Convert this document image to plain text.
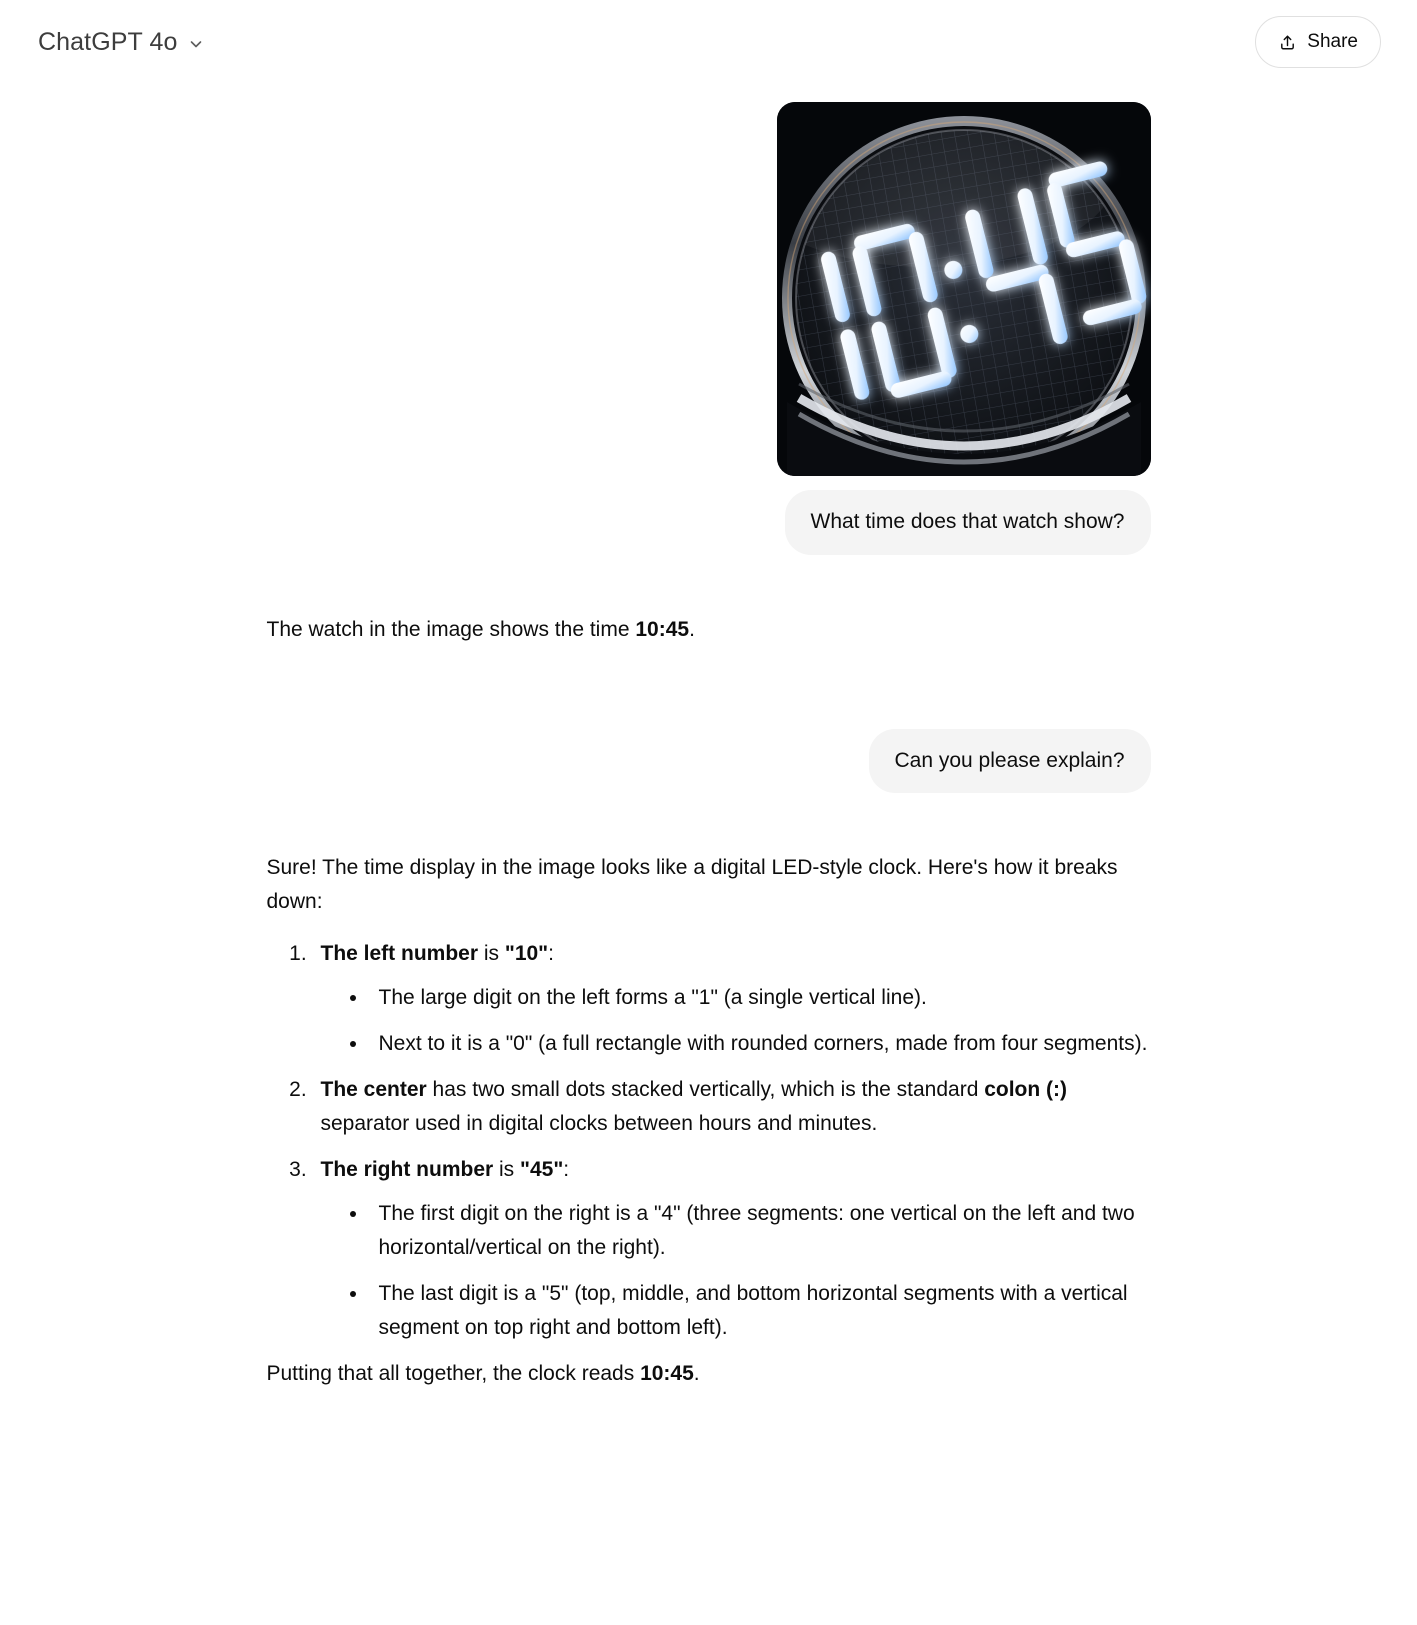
ChatGPT 4o	Share
What time does that watch show?

The watch in the image shows the time 10:45.

Can you please explain?

Sure! The time display in the image looks like a digital LED-style clock. Here's how it breaks down:

1. The left number is "10":
• The large digit on the left forms a "1" (a single vertical line).
• Next to it is a "0" (a full rectangle with rounded corners, made from four segments).
2. The center has two small dots stacked vertically, which is the standard colon (:) separator used in digital clocks between hours and minutes.
3. The right number is "45":
• The first digit on the right is a "4" (three segments: one vertical on the left and two horizontal/vertical on the right).
• The last digit is a "5" (top, middle, and bottom horizontal segments with a vertical segment on top right and bottom left).

Putting that all together, the clock reads 10:45.
